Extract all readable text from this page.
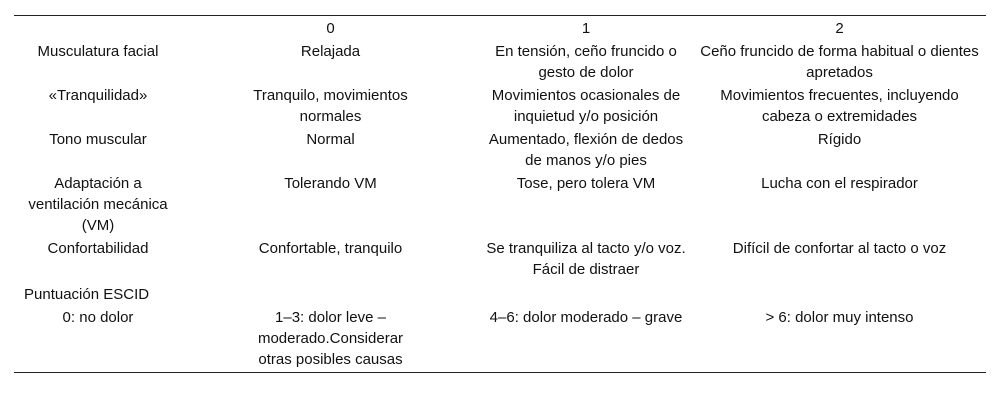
	0	1	2
Musculatura facial	Relajada	En tensión, ceño fruncido o gesto de dolor	Ceño fruncido de forma habitual o dientes apretados
«Tranquilidad»	Tranquilo, movimientos normales	Movimientos ocasionales de inquietud y/o posición	Movimientos frecuentes, incluyendo cabeza o extremidades
Tono muscular	Normal	Aumentado, flexión de dedos de manos y/o pies	Rígido
Adaptación a ventilación mecánica (VM)	Tolerando VM	Tose, pero tolera VM	Lucha con el respirador
Confortabilidad	Confortable, tranquilo	Se tranquiliza al tacto y/o voz. Fácil de distraer	Difícil de confortar al tacto o voz
Puntuación ESCID			
0: no dolor	1–3: dolor leve – moderado.Considerar otras posibles causas	4–6: dolor moderado – grave	> 6: dolor muy intenso
